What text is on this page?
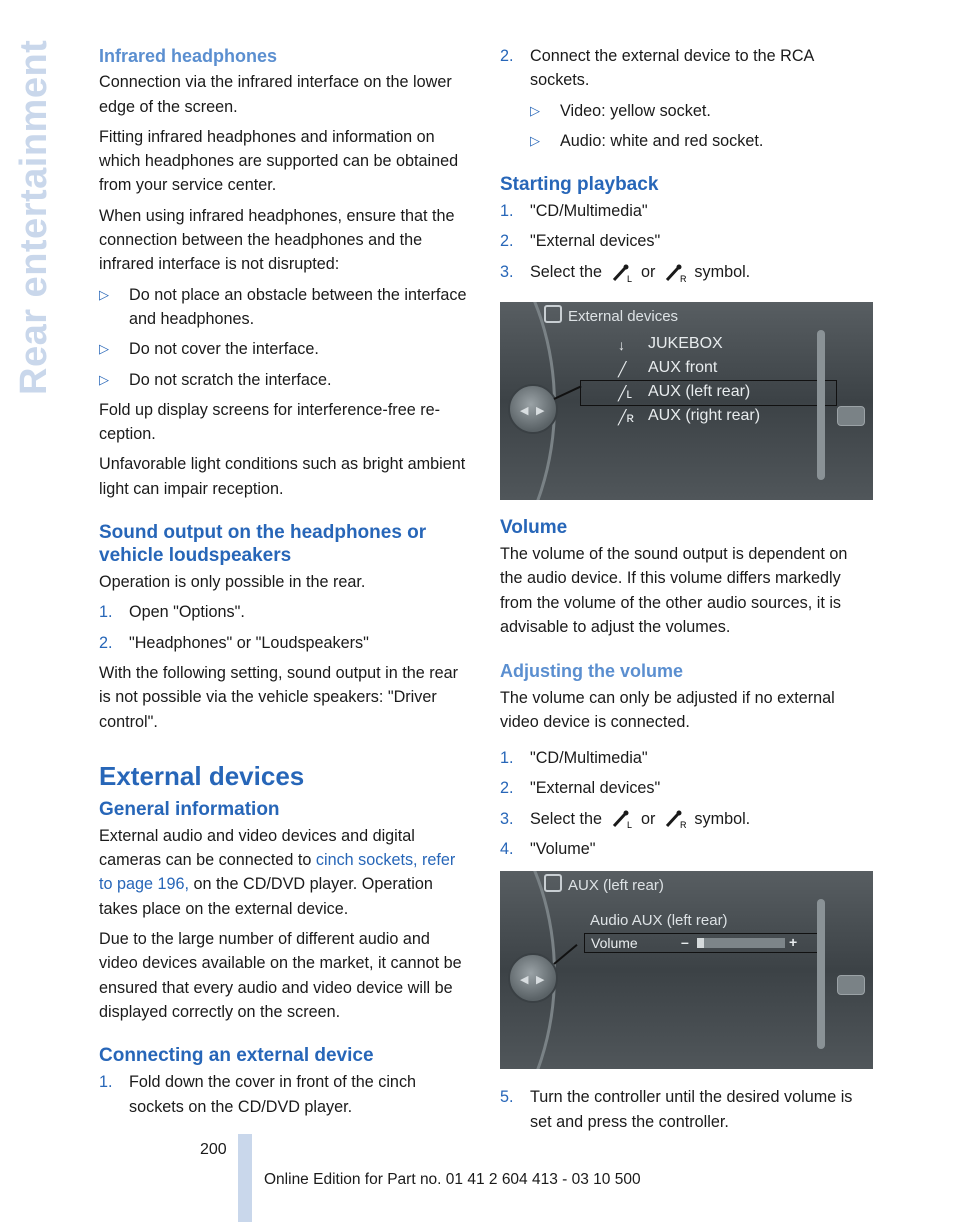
Rear entertainment Infrared headphones

Connection via the infrared interface on the lower edge of the screen.

Fitting infrared headphones and information on which headphones are supported can be obtained from your service center.

When using infrared headphones, ensure that the connection between the headphones and the infrared interface is not disrupted:

▷ Do not place an obstacle between the interface and headphones.
▷ Do not cover the interface.
▷ Do not scratch the interface.

Fold up display screens for interference-free reception.

Unfavorable light conditions such as bright ambient light can impair reception.

Sound output on the headphones or vehicle loudspeakers

Operation is only possible in the rear.

1. Open "Options".
2. "Headphones" or "Loudspeakers"

With the following setting, sound output in the rear is not possible via the vehicle speakers: "Driver control".

External devices
General information

External audio and video devices and digital cameras can be connected to cinch sockets, refer to page 196, on the CD/DVD player. Operation takes place on the external device.

Due to the large number of different audio and video devices available on the market, it cannot be ensured that every audio and video device will be displayed correctly on the screen.

Connecting an external device
1. Fold down the cover in front of the cinch sockets on the CD/DVD player.
2. Connect the external device to the RCA sockets.
▷ Video: yellow socket.
▷ Audio: white and red socket.
Starting playback
1. "CD/Multimedia"
2. "External devices"
3. Select the	L or	R symbol.
◀ ▶
External devices
↓ JUKEBOX
╱ AUX front
╱ʟ AUX (left rear)
╱ʀ AUX (right rear)
Volume

The volume of the sound output is dependent on the audio device. If this volume differs markedly from the volume of the other audio sources, it is advisable to adjust the volumes.

Adjusting the volume

The volume can only be adjusted if no external video device is connected.

1. "CD/Multimedia"
2. "External devices"
3. Select the	L or	R symbol.
4. "Volume"
◀ ▶
AUX (left rear)
Audio AUX (left rear)
Volume	–	+
5. Turn the controller until the desired volume is set and press the controller.
200
Online Edition for Part no. 01 41 2 604 413 - 03 10 500
